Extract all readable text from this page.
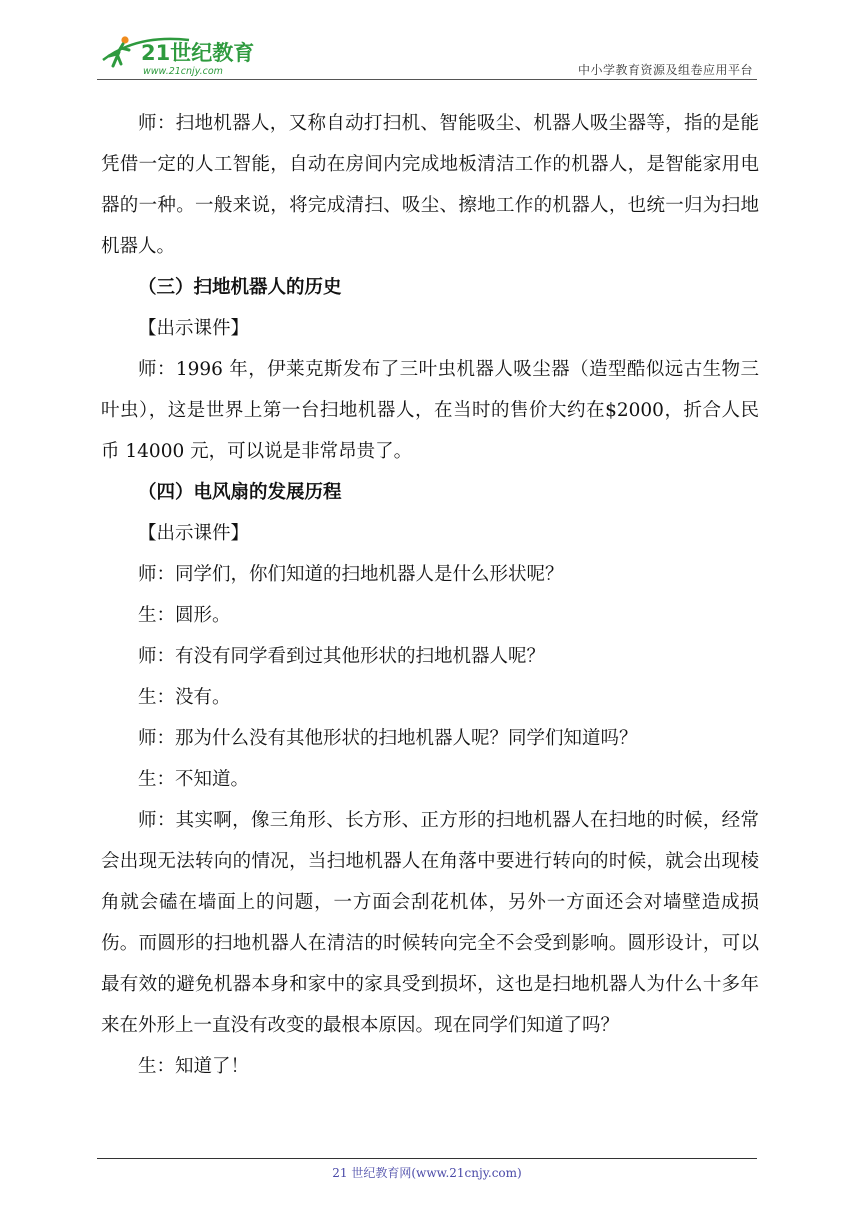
21世纪教育
www.21cnjy.com	中小学教育资源及组卷应用平台

师：扫地机器人，又称自动打扫机、智能吸尘、机器人吸尘器等，指的是能凭借一定的人工智能，自动在房间内完成地板清洁工作的机器人，是智能家用电器的一种。一般来说，将完成清扫、吸尘、擦地工作的机器人，也统一归为扫地机器人。

（三）扫地机器人的历史

【出示课件】

师：1996 年，伊莱克斯发布了三叶虫机器人吸尘器（造型酷似远古生物三叶虫），这是世界上第一台扫地机器人，在当时的售价大约在$2000，折合人民币 14000 元，可以说是非常昂贵了。

（四）电风扇的发展历程

【出示课件】

师：同学们，你们知道的扫地机器人是什么形状呢？

生：圆形。

师：有没有同学看到过其他形状的扫地机器人呢？

生：没有。

师：那为什么没有其他形状的扫地机器人呢？同学们知道吗？

生：不知道。

师：其实啊，像三角形、长方形、正方形的扫地机器人在扫地的时候，经常会出现无法转向的情况，当扫地机器人在角落中要进行转向的时候，就会出现棱角就会磕在墙面上的问题，一方面会刮花机体，另外一方面还会对墙壁造成损伤。而圆形的扫地机器人在清洁的时候转向完全不会受到影响。圆形设计，可以最有效的避免机器本身和家中的家具受到损坏，这也是扫地机器人为什么十多年来在外形上一直没有改变的最根本原因。现在同学们知道了吗？

生：知道了！

21 世纪教育网(www.21cnjy.com)
